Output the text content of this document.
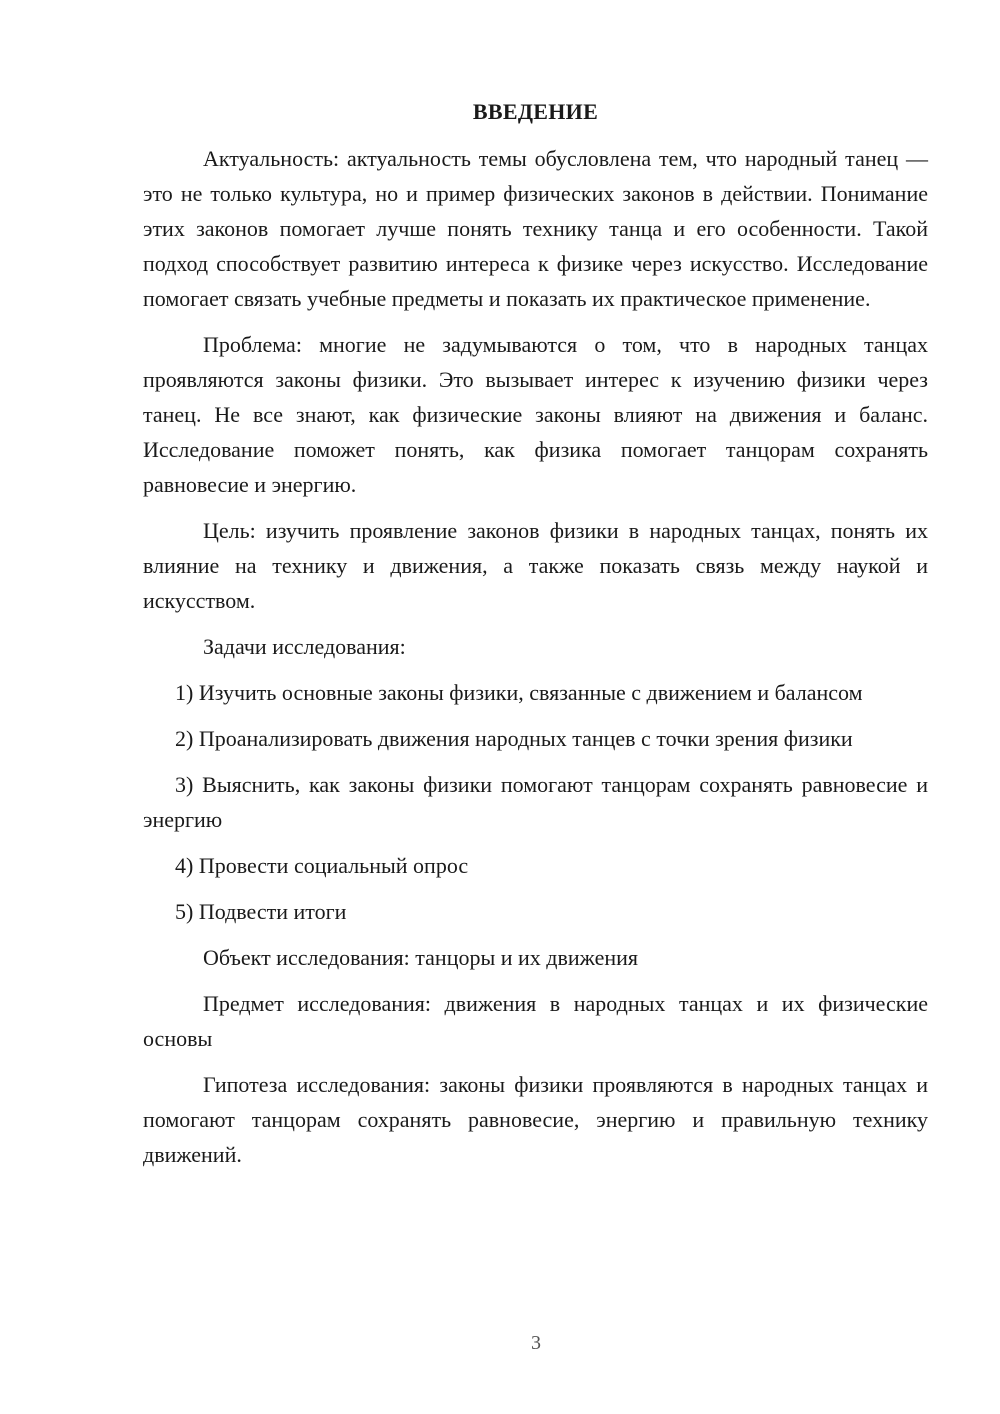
ВВЕДЕНИЕ

Актуальность: актуальность темы обусловлена тем, что народный танец — это не только культура, но и пример физических законов в действии. Понимание этих законов помогает лучше понять технику танца и его особенности. Такой подход способствует развитию интереса к физике через искусство. Исследование помогает связать учебные предметы и показать их практическое применение.

Проблема: многие не задумываются о том, что в народных танцах проявляются законы физики. Это вызывает интерес к изучению физики через танец. Не все знают, как физические законы влияют на движения и баланс. Исследование поможет понять, как физика помогает танцорам сохранять равновесие и энергию.

Цель: изучить проявление законов физики в народных танцах, понять их влияние на технику и движения, а также показать связь между наукой и искусством.

Задачи исследования:

1) Изучить основные законы физики, связанные с движением и балансом

2) Проанализировать движения народных танцев с точки зрения физики

3) Выяснить, как законы физики помогают танцорам сохранять равновесие и энергию

4) Провести социальный опрос

5) Подвести итоги

Объект исследования: танцоры и их движения

Предмет исследования: движения в народных танцах и их физические основы

Гипотеза исследования: законы физики проявляются в народных танцах и помогают танцорам сохранять равновесие, энергию и правильную технику движений.

3
